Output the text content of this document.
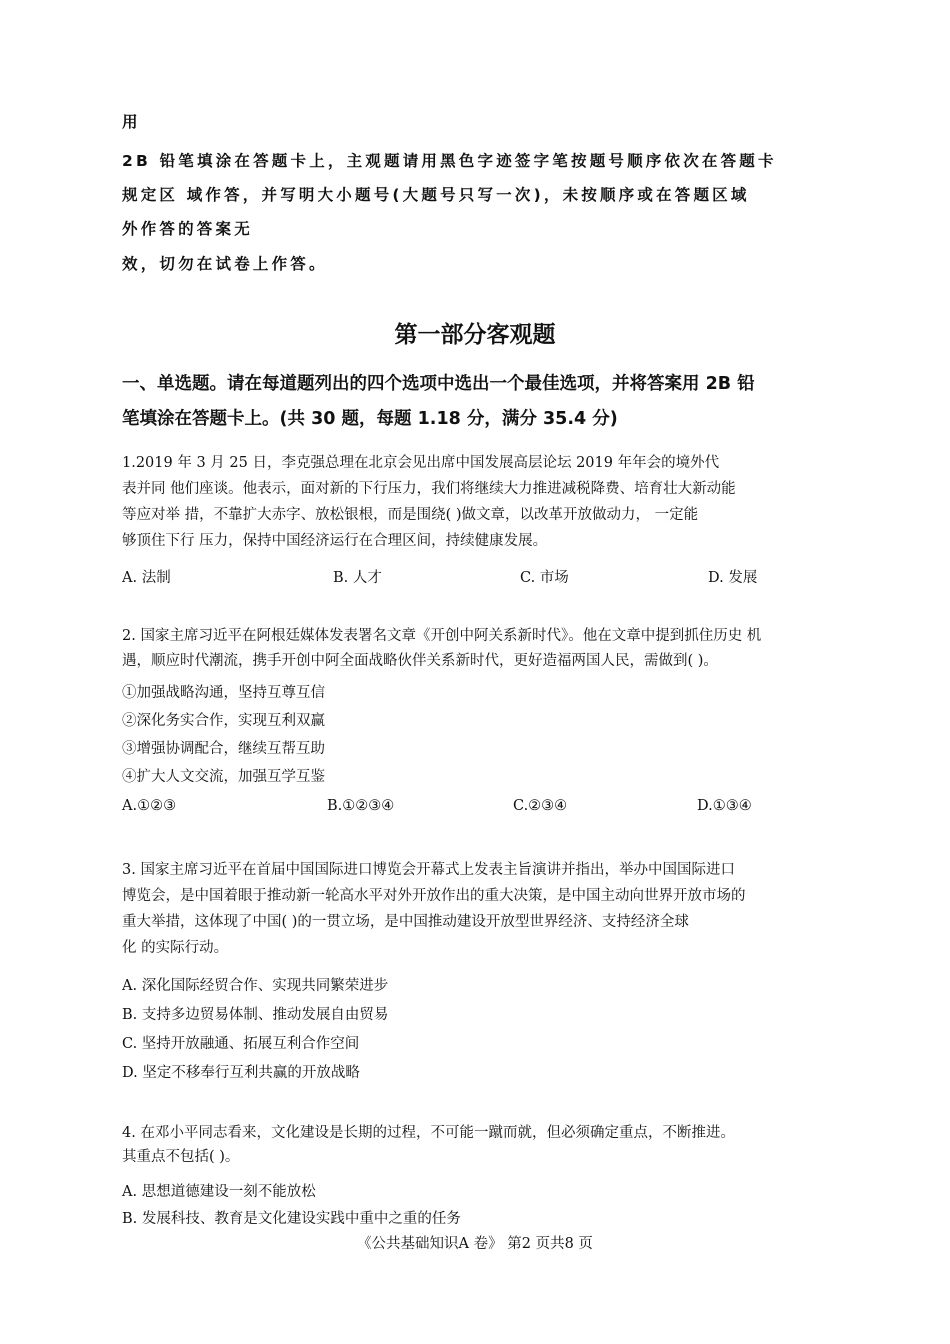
用
2B 铅笔填涂在答题卡上，主观题请用黑色字迹签字笔按题号顺序依次在答题卡
规定区 域作答，并写明大小题号(大题号只写一次)，未按顺序或在答题区域
外作答的答案无
效，切勿在试卷上作答。
第一部分客观题
一、单选题。请在每道题列出的四个选项中选出一个最佳选项，并将答案用 2B 铅
笔填涂在答题卡上。(共 30 题，每题 1.18 分，满分 35.4 分)
1.2019 年 3 月 25 日，李克强总理在北京会见出席中国发展高层论坛 2019 年年会的境外代
表并同 他们座谈。他表示，面对新的下行压力，我们将继续大力推进减税降费、培育壮大新动能
等应对举 措，不靠扩大赤字、放松银根，而是围绕( )做文章，以改革开放做动力， 一定能
够顶住下行 压力，保持中国经济运行在合理区间，持续健康发展。
A. 法制	B. 人才	C. 市场	D. 发展
2. 国家主席习近平在阿根廷媒体发表署名文章《开创中阿关系新时代》。他在文章中提到抓住历史 机
遇，顺应时代潮流，携手开创中阿全面战略伙伴关系新时代，更好造福两国人民，需做到( )。
①加强战略沟通，坚持互尊互信
②深化务实合作，实现互利双赢
③增强协调配合，继续互帮互助
④扩大人文交流，加强互学互鉴
A.①②③	B.①②③④	C.②③④	D.①③④
3. 国家主席习近平在首届中国国际进口博览会开幕式上发表主旨演讲并指出，举办中国国际进口
博览会，是中国着眼于推动新一轮高水平对外开放作出的重大决策，是中国主动向世界开放市场的
重大举措，这体现了中国( )的一贯立场，是中国推动建设开放型世界经济、支持经济全球
化 的实际行动。
A. 深化国际经贸合作、实现共同繁荣进步
B. 支持多边贸易体制、推动发展自由贸易
C. 坚持开放融通、拓展互利合作空间
D. 坚定不移奉行互利共赢的开放战略
4. 在邓小平同志看来，文化建设是长期的过程，不可能一蹴而就，但必须确定重点，不断推进。
其重点不包括( )。
A. 思想道德建设一刻不能放松
B. 发展科技、教育是文化建设实践中重中之重的任务
《公共基础知识A 卷》 第2 页共8 页
